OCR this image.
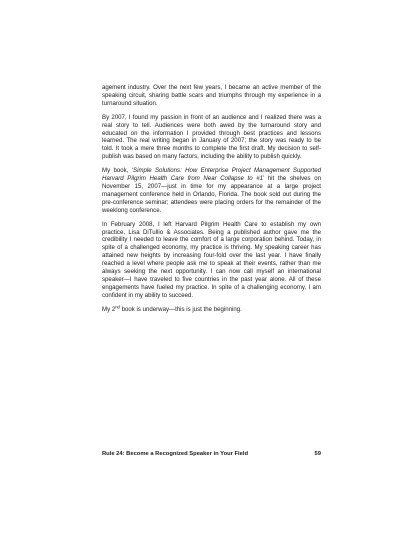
agement industry. Over the next few years, I became an active member of the speaking circuit, sharing battle scars and triumphs through my experience in a turnaround situation.

By 2007, I found my passion in front of an audience and I realized there was a real story to tell. Audiences were both awed by the turnaround story and educated on the information I provided through best practices and lessons learned. The real writing began in January of 2007; the story was ready to be told. It took a mere three months to complete the first draft. My decision to self-publish was based on many factors, including the ability to publish quickly.

My book, ‘Simple Solutions: How Enterprise Project Management Supported Harvard Pilgrim Health Care from Near Collapse to #1’ hit the shelves on November 15, 2007—just in time for my appearance at a large project management conference held in Orlando, Florida. The book sold out during the pre-conference seminar; attendees were placing orders for the remainder of the weeklong conference.

In February 2008, I left Harvard Pilgrim Health Care to establish my own practice, Lisa DiTullio & Associates. Being a published author gave me the credibility I needed to leave the comfort of a large corporation behind. Today, in spite of a challenged economy, my practice is thriving. My speaking career has attained new heights by increasing four-fold over the last year. I have finally reached a level where people ask me to speak at their events, rather than me always seeking the next opportunity. I can now call myself an international speaker—I have traveled to five countries in the past year alone. All of these engagements have fueled my practice. In spite of a challenging economy, I am confident in my ability to succeed.

My 2nd book is underway—this is just the beginning.

Rule 24: Become a Recognized Speaker in Your Field	59
